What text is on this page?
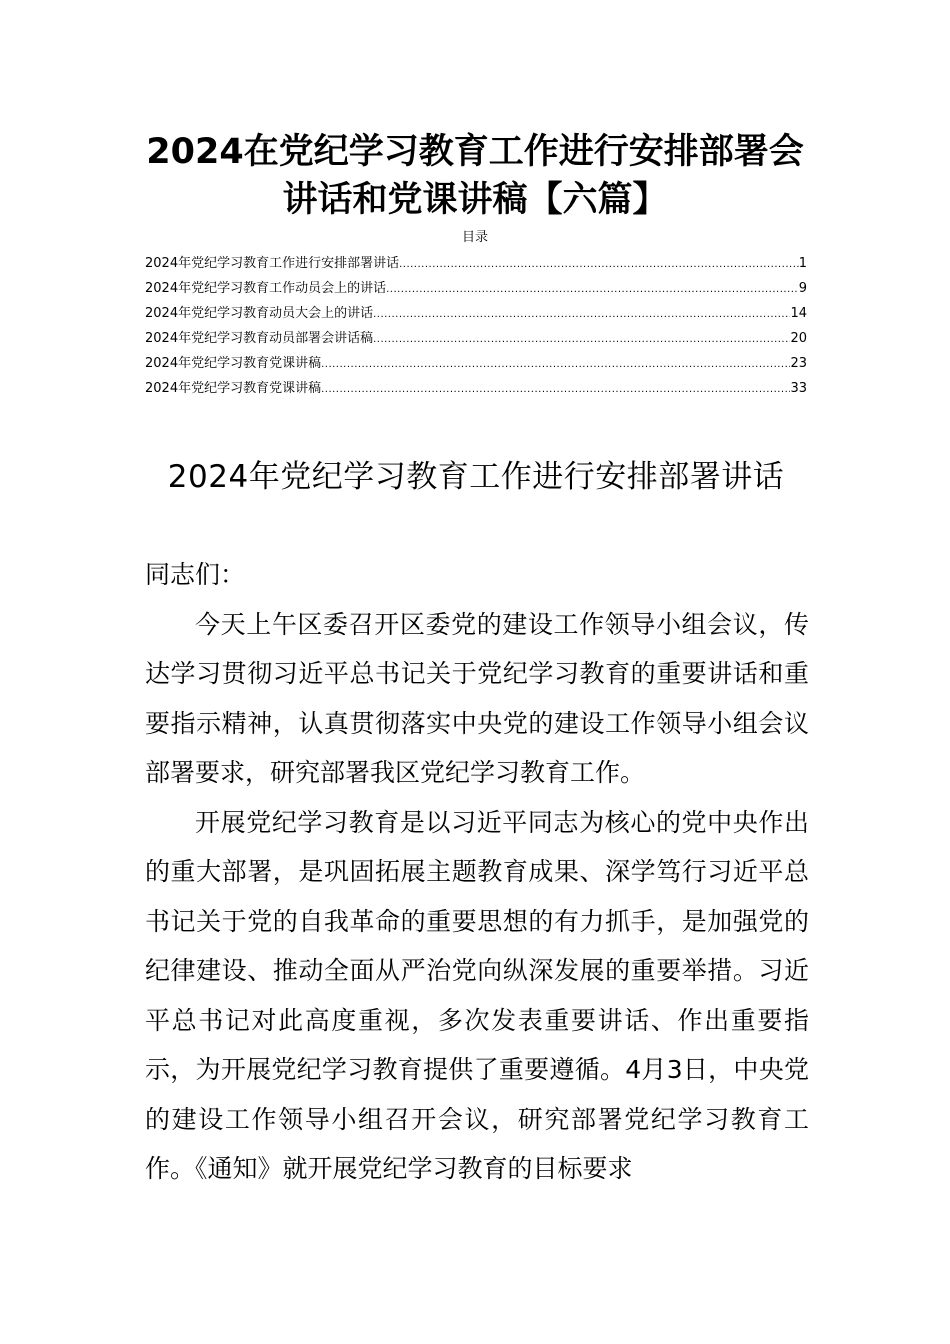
2024在党纪学习教育工作进行安排部署会讲话和党课讲稿【六篇】
目录
2024年党纪学习教育工作进行安排部署讲话 .....	1
2024年党纪学习教育工作动员会上的讲话 .....	9
2024年党纪学习教育动员大会上的讲话 .....	14
2024年党纪学习教育动员部署会讲话稿 .....	20
2024年党纪学习教育党课讲稿 .....	23
2024年党纪学习教育党课讲稿 .....	33
2024年党纪学习教育工作进行安排部署讲话

同志们：

今天上午区委召开区委党的建设工作领导小组会议，传达学习贯彻习近平总书记关于党纪学习教育的重要讲话和重要指示精神，认真贯彻落实中央党的建设工作领导小组会议部署要求，研究部署我区党纪学习教育工作。

开展党纪学习教育是以习近平同志为核心的党中央作出的重大部署，是巩固拓展主题教育成果、深学笃行习近平总书记关于党的自我革命的重要思想的有力抓手，是加强党的纪律建设、推动全面从严治党向纵深发展的重要举措。习近平总书记对此高度重视，多次发表重要讲话、作出重要指示，为开展党纪学习教育提供了重要遵循。4月3日，中央党的建设工作领导小组召开会议，研究部署党纪学习教育工作。《通知》就开展党纪学习教育的目标要求
